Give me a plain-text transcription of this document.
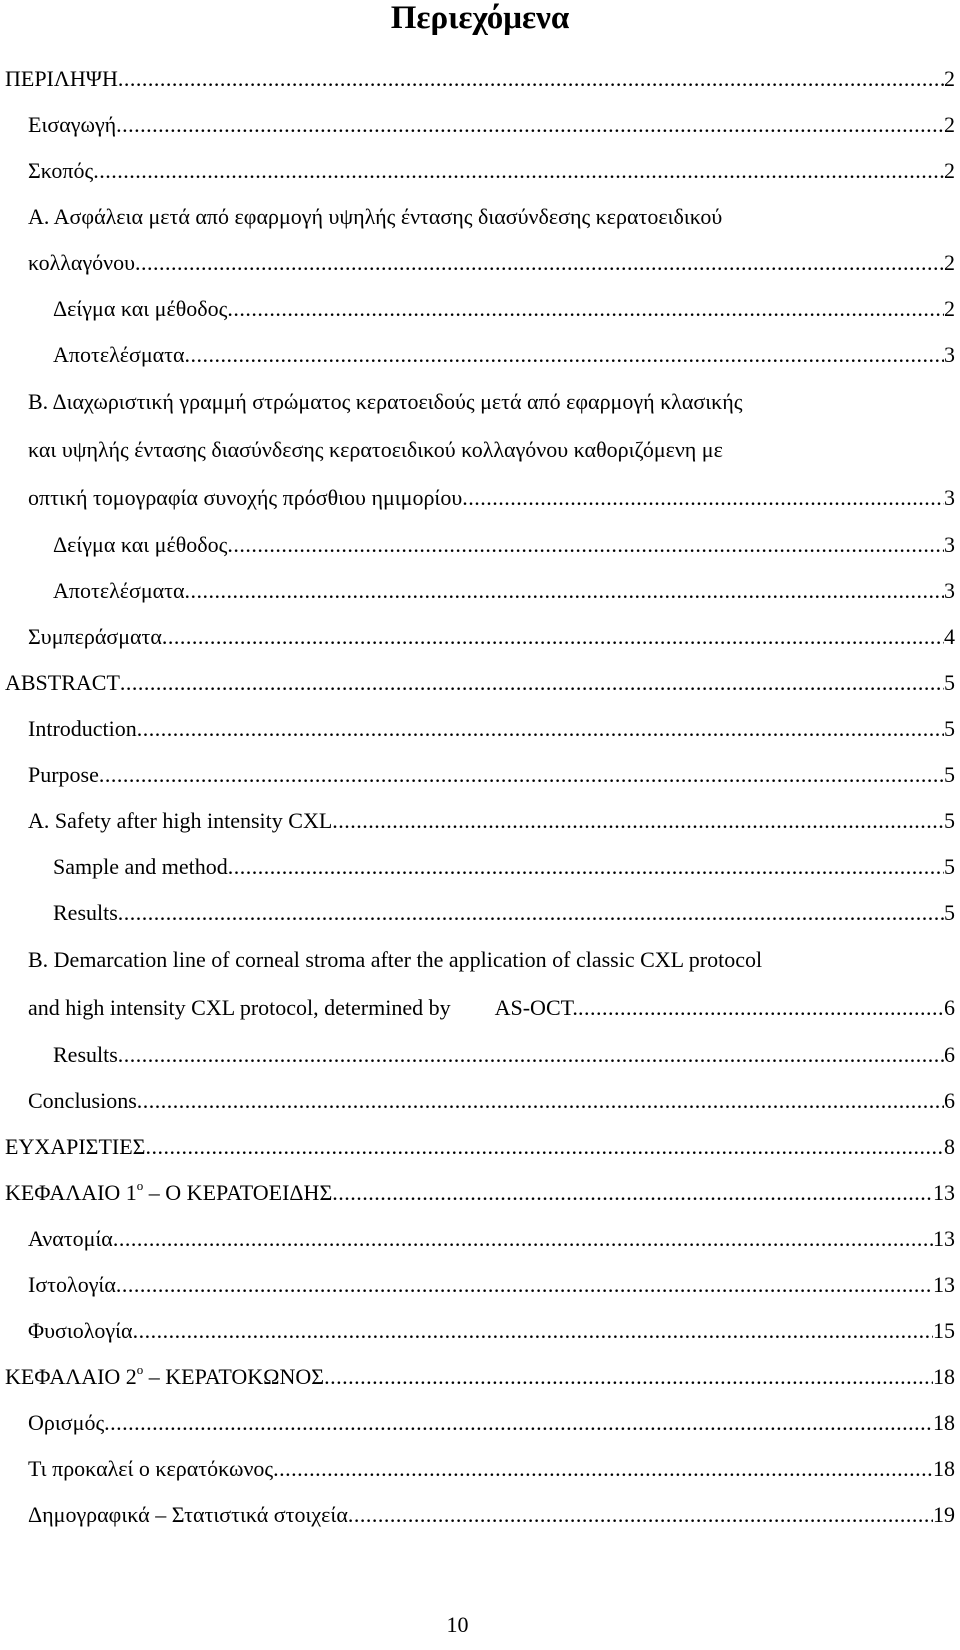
Περιεχόμενα
ΠΕΡΙΛΗΨΗ .....	2
Εισαγωγή .....	2
Σκοπός .....	2
Α. Ασφάλεια μετά από εφαρμογή υψηλής έντασης διασύνδεσης κερατοειδικού
κολλαγόνου .....	2
Δείγμα και μέθοδος .....	2
Αποτελέσματα .....	3
Β. Διαχωριστική γραμμή στρώματος κερατοειδούς μετά από εφαρμογή κλασικής
και υψηλής έντασης διασύνδεσης κερατοειδικού κολλαγόνου καθοριζόμενη με
οπτική τομογραφία συνοχής πρόσθιου ημιμορίου .....	3
Δείγμα και μέθοδος .....	3
Αποτελέσματα .....	3
Συμπεράσματα .....	4
ABSTRACT .....	5
Introduction .....	5
Purpose .....	5
A. Safety after high intensity CXL .....	5
Sample and method .....	5
Results .....	5
B. Demarcation line of corneal stroma after the application of classic CXL protocol
and high intensity CXL protocol, determined by AS-OCT. .....	6
Results .....	6
Conclusions .....	6
ΕΥΧΑΡΙΣΤΙΕΣ .....	8
ΚΕΦΑΛΑΙΟ $1^o$ – Ο ΚΕΡΑΤΟΕΙΔΗΣ .....	13
Ανατομία .....	13
Ιστολογία .....	13
Φυσιολογία .....	15
ΚΕΦΑΛΑΙΟ $2^o$ – ΚΕΡΑΤΟΚΩΝΟΣ .....	18
Ορισμός .....	18
Τι προκαλεί ο κερατόκωνος .....	18
Δημογραφικά – Στατιστικά στοιχεία .....	19
10
